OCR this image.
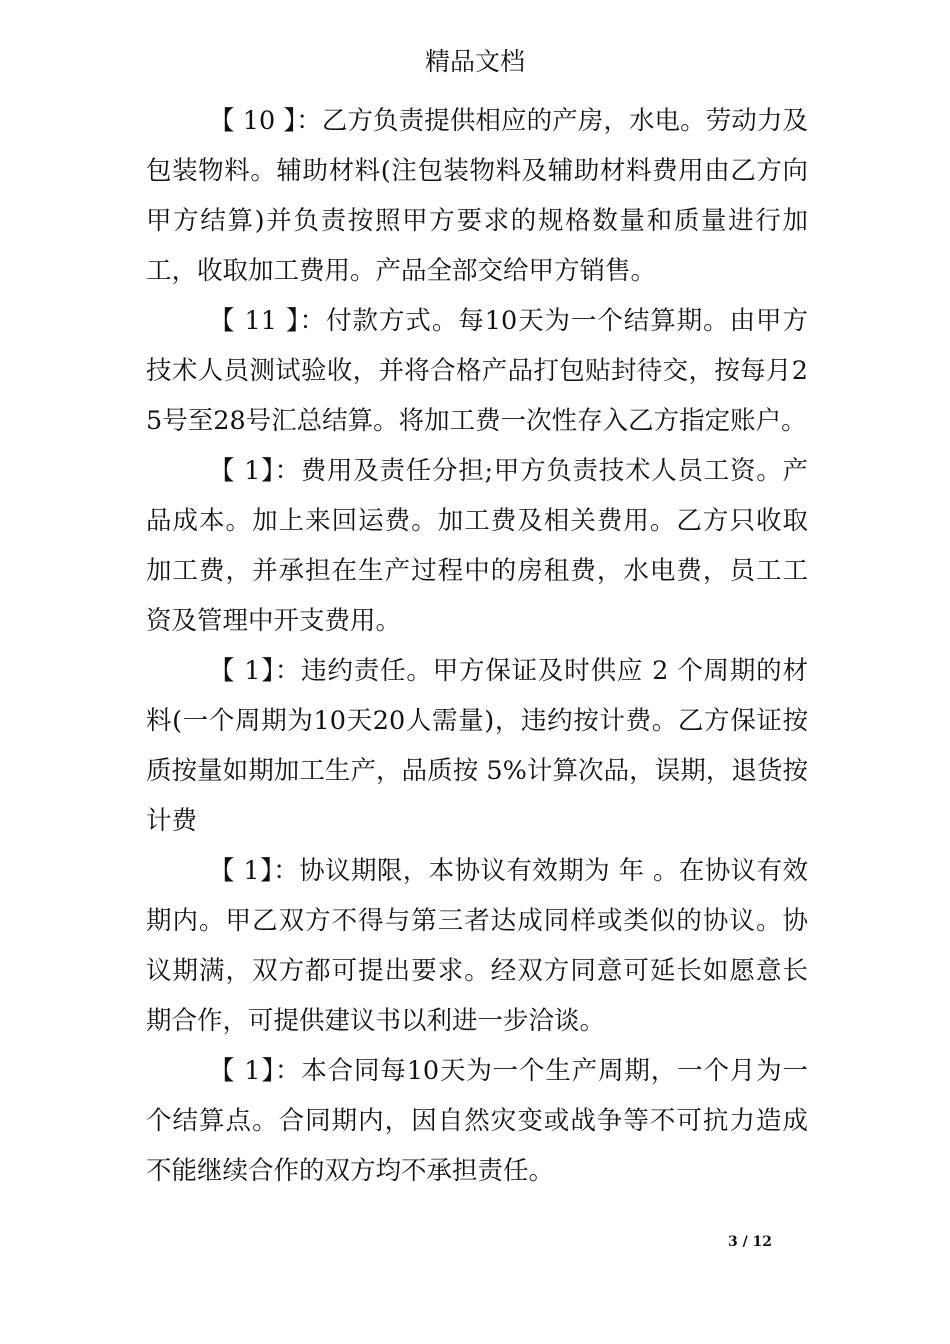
精品文档

【 10 】：乙方负责提供相应的产房，水电。劳动力及包装物料。辅助材料(注包装物料及辅助材料费用由乙方向甲方结算)并负责按照甲方要求的规格数量和质量进行加工，收取加工费用。产品全部交给甲方销售。

【 11 】：付款方式。每10天为一个结算期。由甲方技术人员测试验收，并将合格产品打包贴封待交，按每月25号至28号汇总结算。将加工费一次性存入乙方指定账户。

【 1】：费用及责任分担;甲方负责技术人员工资。产品成本。加上来回运费。加工费及相关费用。乙方只收取加工费，并承担在生产过程中的房租费，水电费，员工工资及管理中开支费用。

【 1】：违约责任。甲方保证及时供应 2 个周期的材料(一个周期为10天20人需量)，违约按计费。乙方保证按质按量如期加工生产，品质按 5%计算次品，误期，退货按 计费

【 1】：协议期限，本协议有效期为 年 。在协议有效期内。甲乙双方不得与第三者达成同样或类似的协议。协议期满，双方都可提出要求。经双方同意可延长如愿意长期合作，可提供建议书以利进一步洽谈。

【 1】：本合同每10天为一个生产周期，一个月为一个结算点。合同期内，因自然灾变或战争等不可抗力造成不能继续合作的双方均不承担责任。

3 / 12
